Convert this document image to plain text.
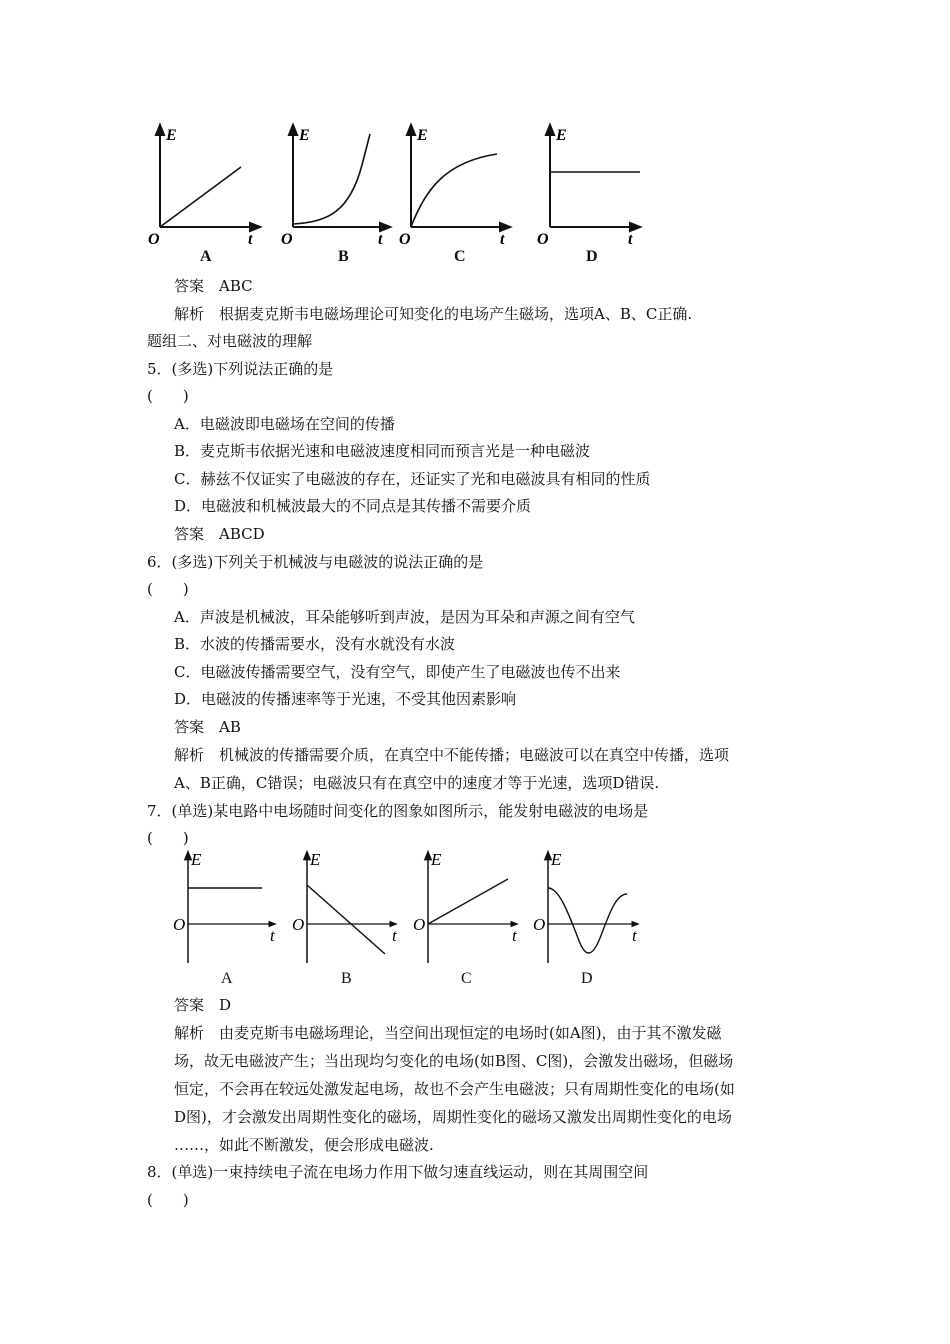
E
O	t
E
O	t
E
O	t
E
O	t
A	B	C	D
答案　ABC
解析　根据麦克斯韦电磁场理论可知变化的电场产生磁场，选项A、B、C正确.
题组二、对电磁波的理解
5．(多选)下列说法正确的是
(　　)
A．电磁波即电磁场在空间的传播
B．麦克斯韦依据光速和电磁波速度相同而预言光是一种电磁波
C．赫兹不仅证实了电磁波的存在，还证实了光和电磁波具有相同的性质
D．电磁波和机械波最大的不同点是其传播不需要介质
答案　ABCD
6．(多选)下列关于机械波与电磁波的说法正确的是
(　　)
A．声波是机械波，耳朵能够听到声波，是因为耳朵和声源之间有空气
B．水波的传播需要水，没有水就没有水波
C．电磁波传播需要空气，没有空气，即使产生了电磁波也传不出来
D．电磁波的传播速率等于光速，不受其他因素影响
答案　AB
解析　机械波的传播需要介质，在真空中不能传播；电磁波可以在真空中传播，选项
A、B正确，C错误；电磁波只有在真空中的速度才等于光速，选项D错误.
7．(单选)某电路中电场随时间变化的图象如图所示，能发射电磁波的电场是
(　　)
E
O
t
E
O
t
E
O
t
E
O
t
A	B	C	D
答案　D
解析　由麦克斯韦电磁场理论，当空间出现恒定的电场时(如A图)，由于其不激发磁
场，故无电磁波产生；当出现均匀变化的电场(如B图、C图)，会激发出磁场，但磁场
恒定，不会再在较远处激发起电场，故也不会产生电磁波；只有周期性变化的电场(如
D图)，才会激发出周期性变化的磁场，周期性变化的磁场又激发出周期性变化的电场
……，如此不断激发，便会形成电磁波.
8．(单选)一束持续电子流在电场力作用下做匀速直线运动，则在其周围空间
(　　)
